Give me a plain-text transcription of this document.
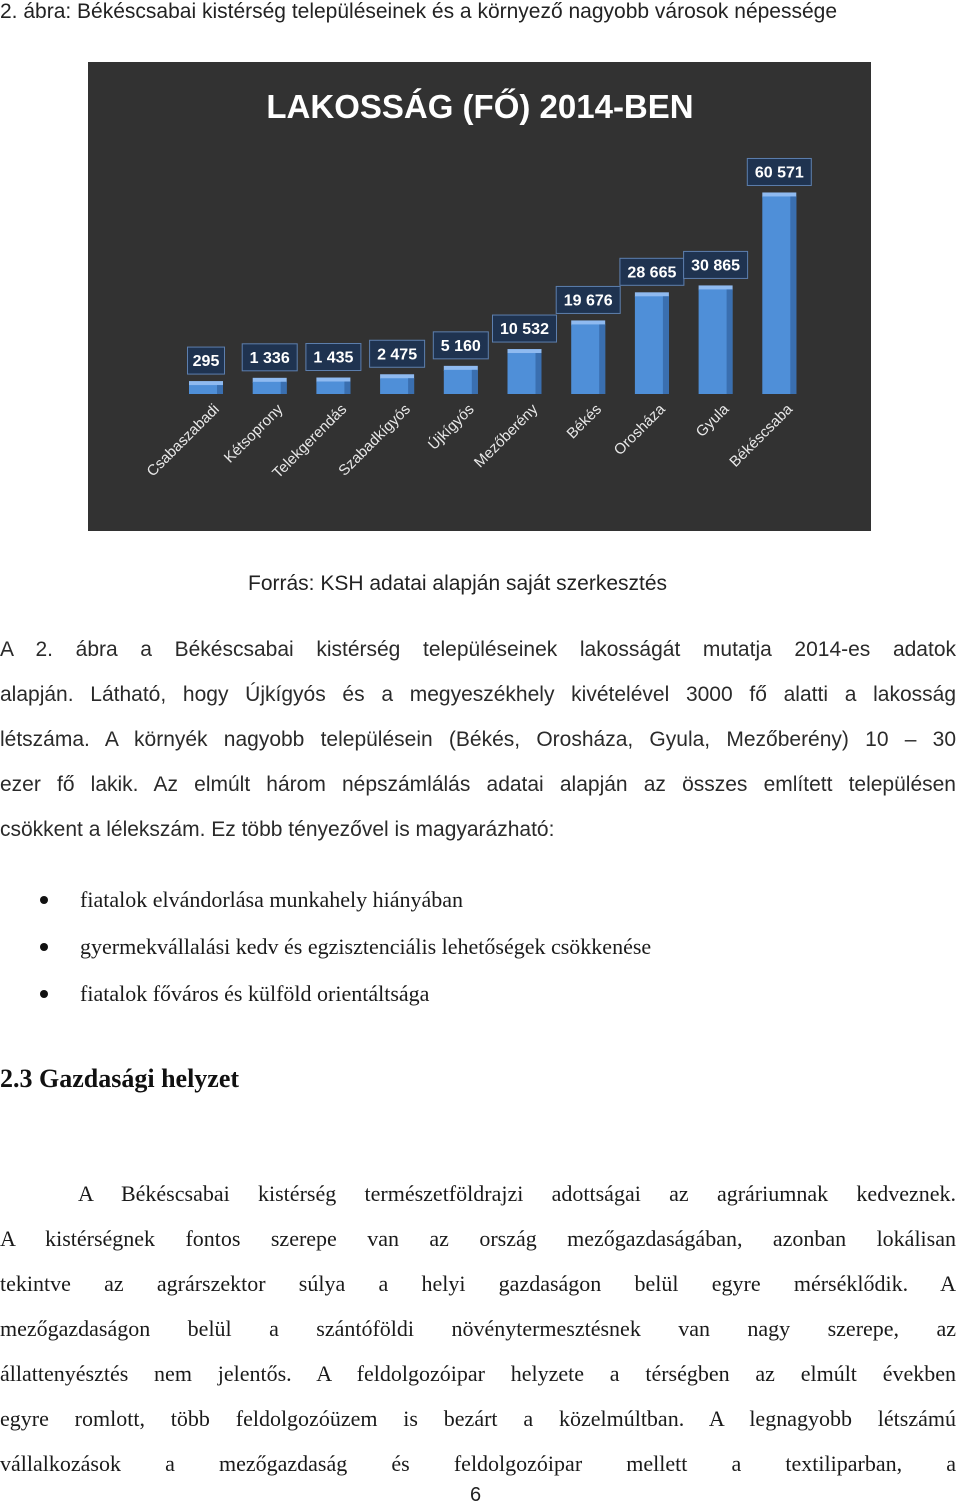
2. ábra: Békéscsabai kistérség településeinek és a környező nagyobb városok népessége
LAKOSSÁG (FŐ) 2014-BEN
295
Csabaszabadi
1 336
Kétsoprony
1 435
Telekgerendás
2 475
Szabadkígyós
5 160
Újkígyós
10 532
Mezőberény
19 676
Békés
28 665
Orosháza
30 865
Gyula
60 571
Békéscsaba
Forrás: KSH adatai alapján saját szerkesztés
A 2. ábra a Békéscsabai kistérség településeinek lakosságát mutatja 2014-es adatok
alapján. Látható, hogy Újkígyós és a megyeszékhely kivételével 3000 fő alatti a lakosság
létszáma. A környék nagyobb településein (Békés, Orosháza, Gyula, Mezőberény) 10 – 30
ezer fő lakik. Az elmúlt három népszámlálás adatai alapján az összes említett településen
csökkent a lélekszám. Ez több tényezővel is magyarázható:
fiatalok elvándorlása munkahely hiányában
gyermekvállalási kedv és egzisztenciális lehetőségek csökkenése
fiatalok főváros és külföld orientáltsága
2.3 Gazdasági helyzet
A Békéscsabai kistérség természetföldrajzi adottságai az agráriumnak kedveznek.
A kistérségnek fontos szerepe van az ország mezőgazdaságában, azonban lokálisan
tekintve az agrárszektor súlya a helyi gazdaságon belül egyre mérséklődik. A
mezőgazdaságon belül a szántóföldi növénytermesztésnek van nagy szerepe, az
állattenyésztés nem jelentős. A feldolgozóipar helyzete a térségben az elmúlt években
egyre romlott, több feldolgozóüzem is bezárt a közelmúltban. A legnagyobb létszámú
vállalkozások a mezőgazdaság és feldolgozóipar mellett a textiliparban, a
6
